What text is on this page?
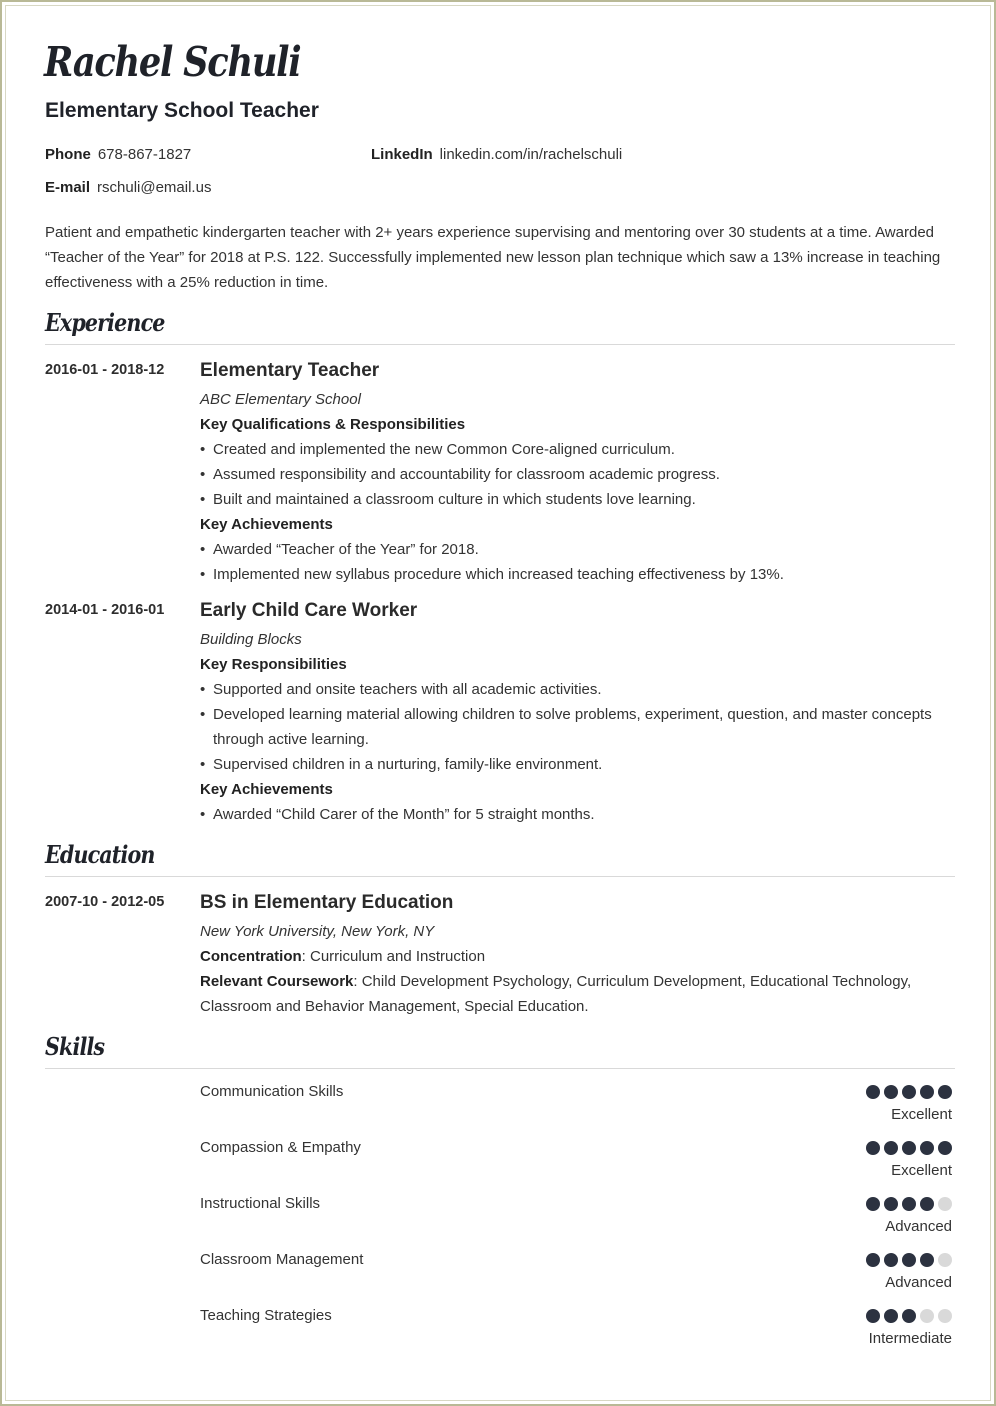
Rachel Schuli
Elementary School Teacher
Phone 678-867-1827	LinkedIn linkedin.com/in/rachelschuli
E-mail rschuli@email.us
Patient and empathetic kindergarten teacher with 2+ years experience supervising and mentoring over 30 students at a time. Awarded “Teacher of the Year” for 2018 at P.S. 122. Successfully implemented new lesson plan technique which saw a 13% increase in teaching effectiveness with a 25% reduction in time.
Experience
2016-01 - 2018-12 Elementary Teacher
ABC Elementary School
Key Qualifications & Responsibilities
• Created and implemented the new Common Core-aligned curriculum.
• Assumed responsibility and accountability for classroom academic progress.
• Built and maintained a classroom culture in which students love learning.
Key Achievements
• Awarded “Teacher of the Year” for 2018.
• Implemented new syllabus procedure which increased teaching effectiveness by 13%.
2014-01 - 2016-01 Early Child Care Worker
Building Blocks
Key Responsibilities
• Supported and onsite teachers with all academic activities.
• Developed learning material allowing children to solve problems, experiment, question, and master concepts through active learning.
• Supervised children in a nurturing, family-like environment.
Key Achievements
• Awarded “Child Carer of the Month” for 5 straight months.
Education
2007-10 - 2012-05 BS in Elementary Education
New York University, New York, NY
Concentration: Curriculum and Instruction
Relevant Coursework: Child Development Psychology, Curriculum Development, Educational Technology, Classroom and Behavior Management, Special Education.
Skills
Communication Skills
Excellent
Compassion & Empathy
Excellent
Instructional Skills
Advanced
Classroom Management
Advanced
Teaching Strategies
Intermediate
